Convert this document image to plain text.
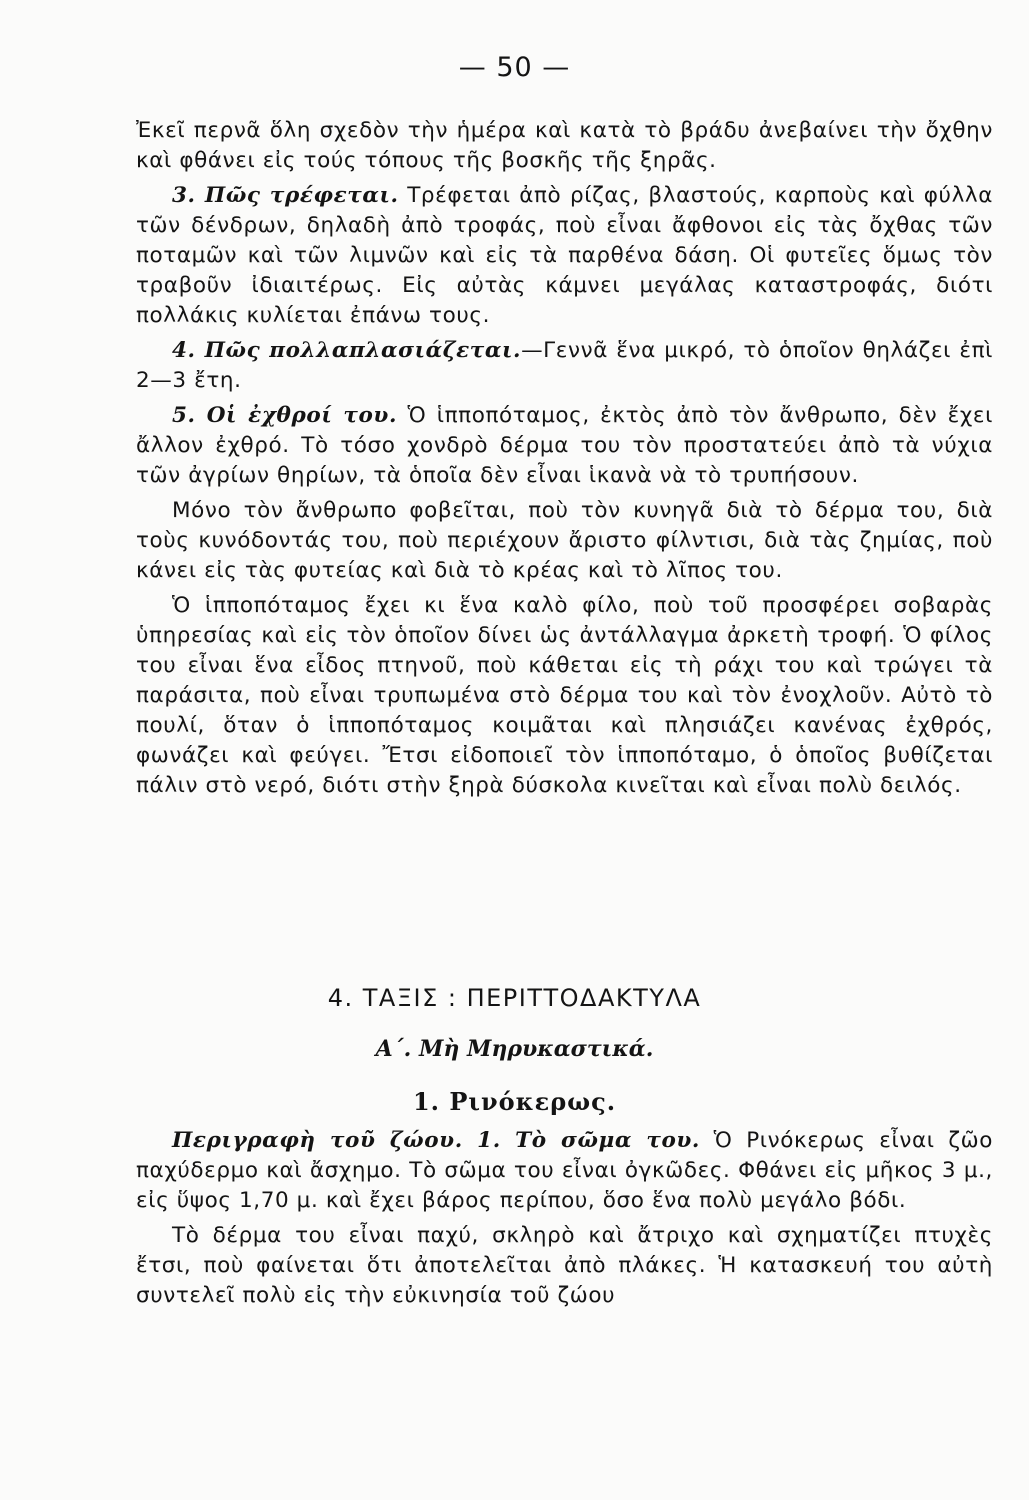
— 50 —

Ἐκεῖ περνᾶ ὅλη σχεδὸν τὴν ἡμέρα καὶ κατὰ τὸ βράδυ ἀνεβαίνει τὴν ὄχθην καὶ φθάνει εἰς τούς τόπους τῆς βοσκῆς τῆς ξηρᾶς.

3. Πῶς τρέφεται. Τρέφεται ἀπὸ ρίζας, βλαστούς, καρποὺς καὶ φύλλα τῶν δένδρων, δηλαδὴ ἀπὸ τροφάς, ποὺ εἶναι ἄφθονοι εἰς τὰς ὄχθας τῶν ποταμῶν καὶ τῶν λιμνῶν καὶ εἰς τὰ παρθένα δάση. Οἱ φυτεῖες ὅμως τὸν τραβοῦν ἰδιαιτέρως. Εἰς αὐτὰς κάμνει μεγάλας καταστροφάς, διότι πολλάκις κυλίεται ἐπάνω τους.

4. Πῶς πολλαπλασιάζεται.—Γεννᾶ ἕνα μικρό, τὸ ὁποῖον θηλάζει ἐπὶ 2—3 ἔτη.

5. Οἱ ἐχθροί του. Ὁ ἱπποπόταμος, ἐκτὸς ἀπὸ τὸν ἄνθρωπο, δὲν ἔχει ἄλλον ἐχθρό. Τὸ τόσο χονδρὸ δέρμα του τὸν προστατεύει ἀπὸ τὰ νύχια τῶν ἀγρίων θηρίων, τὰ ὁποῖα δὲν εἶναι ἱκανὰ νὰ τὸ τρυπήσουν.

Μόνο τὸν ἄνθρωπο φοβεῖται, ποὺ τὸν κυνηγᾶ διὰ τὸ δέρμα του, διὰ τοὺς κυνόδοντάς του, ποὺ περιέχουν ἄριστο φίλντισι, διὰ τὰς ζημίας, ποὺ κάνει εἰς τὰς φυτείας καὶ διὰ τὸ κρέας καὶ τὸ λῖπος του.

Ὁ ἱπποπόταμος ἔχει κι ἕνα καλὸ φίλο, ποὺ τοῦ προσφέρει σοβαρὰς ὑπηρεσίας καὶ εἰς τὸν ὁποῖον δίνει ὡς ἀντάλλαγμα ἀρκετὴ τροφή. Ὁ φίλος του εἶναι ἕνα εἶδος πτηνοῦ, ποὺ κάθεται εἰς τὴ ράχι του καὶ τρώγει τὰ παράσιτα, ποὺ εἶναι τρυπωμένα στὸ δέρμα του καὶ τὸν ἐνοχλοῦν. Αὐτὸ τὸ πουλί, ὅταν ὁ ἱπποπόταμος κοιμᾶται καὶ πλησιάζει κανένας ἐχθρός, φωνάζει καὶ φεύγει. Ἔτσι εἰδοποιεῖ τὸν ἱπποπόταμο, ὁ ὁποῖος βυθίζεται πάλιν στὸ νερό, διότι στὴν ξηρὰ δύσκολα κινεῖται καὶ εἶναι πολὺ δειλός.

4. ΤΑΞΙΣ : ΠΕΡΙΤΤΟΔΑΚΤΥΛΑ
Α΄. Μὴ Μηρυκαστικά.
1. Ρινόκερως.

Περιγραφὴ τοῦ ζώου. 1. Τὸ σῶμα του. Ὁ Ρινόκερως εἶναι ζῶο παχύδερμο καὶ ἄσχημο. Τὸ σῶμα του εἶναι ὀγκῶδες. Φθάνει εἰς μῆκος 3 μ., εἰς ὕψος 1,70 μ. καὶ ἔχει βάρος περίπου, ὅσο ἕνα πολὺ μεγάλο βόδι.

Τὸ δέρμα του εἶναι παχύ, σκληρὸ καὶ ἄτριχο καὶ σχηματίζει πτυχὲς ἔτσι, ποὺ φαίνεται ὅτι ἀποτελεῖται ἀπὸ πλάκες. Ἡ κατασκευή του αὐτὴ συντελεῖ πολὺ εἰς τὴν εὐκινησία τοῦ ζώου
